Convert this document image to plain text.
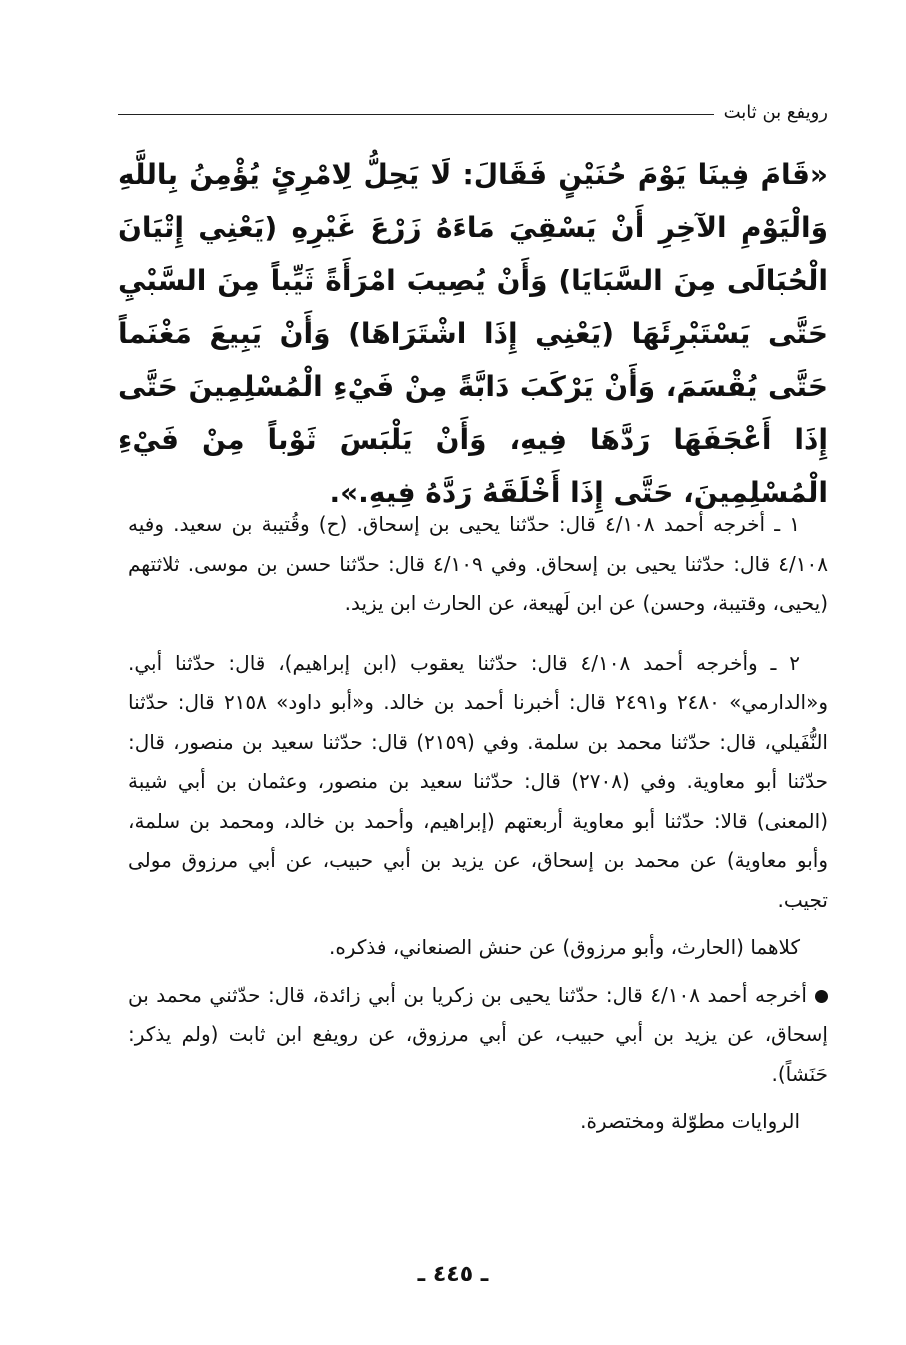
رويفع بن ثابت
«قَامَ فِينَا يَوْمَ حُنَيْنٍ فَقَالَ: لَا يَحِلُّ لِامْرِئٍ يُؤْمِنُ بِاللَّهِ وَالْيَوْمِ الآخِرِ أَنْ يَسْقِيَ مَاءَهُ زَرْعَ غَيْرِهِ (يَعْنِي إِتْيَانَ الْحُبَالَى مِنَ السَّبَايَا) وَأَنْ يُصِيبَ امْرَأَةً ثَيِّباً مِنَ السَّبْيِ حَتَّى يَسْتَبْرِئَهَا (يَعْنِي إِذَا اشْتَرَاهَا) وَأَنْ يَبِيعَ مَغْنَماً حَتَّى يُقْسَمَ، وَأَنْ يَرْكَبَ دَابَّةً مِنْ فَيْءِ الْمُسْلِمِينَ حَتَّى إِذَا أَعْجَفَهَا رَدَّهَا فِيهِ، وَأَنْ يَلْبَسَ ثَوْباً مِنْ فَيْءِ الْمُسْلِمِينَ، حَتَّى إِذَا أَخْلَقَهُ رَدَّهُ فِيهِ.».

١ ـ أخرجه أحمد ٤/١٠٨ قال: حدّثنا يحيى بن إسحاق. (ح) وقُتيبة بن سعيد. وفيه ٤/١٠٨ قال: حدّثنا يحيى بن إسحاق. وفي ٤/١٠٩ قال: حدّثنا حسن بن موسى. ثلاثتهم (يحيى، وقتيبة، وحسن) عن ابن لَهيعة، عن الحارث ابن يزيد.

٢ ـ وأخرجه أحمد ٤/١٠٨ قال: حدّثنا يعقوب (ابن إبراهيم)، قال: حدّثنا أبي. و«الدارمي» ٢٤٨٠ و٢٤٩١ قال: أخبرنا أحمد بن خالد. و«أبو داود» ٢١٥٨ قال: حدّثنا النُّفَيلي، قال: حدّثنا محمد بن سلمة. وفي (٢١٥٩) قال: حدّثنا سعيد بن منصور، قال: حدّثنا أبو معاوية. وفي (٢٧٠٨) قال: حدّثنا سعيد بن منصور، وعثمان بن أبي شيبة (المعنى) قالا: حدّثنا أبو معاوية أربعتهم (إبراهيم، وأحمد بن خالد، ومحمد بن سلمة، وأبو معاوية) عن محمد بن إسحاق، عن يزيد بن أبي حبيب، عن أبي مرزوق مولى تجيب.

كلاهما (الحارث، وأبو مرزوق) عن حنش الصنعاني، فذكره.

أخرجه أحمد ٤/١٠٨ قال: حدّثنا يحيى بن زكريا بن أبي زائدة، قال: حدّثني محمد بن إسحاق، عن يزيد بن أبي حبيب، عن أبي مرزوق، عن رويفع ابن ثابت (ولم يذكر: حَنَشاً).

الروايات مطوّلة ومختصرة.

ـ ٤٤٥ ـ
